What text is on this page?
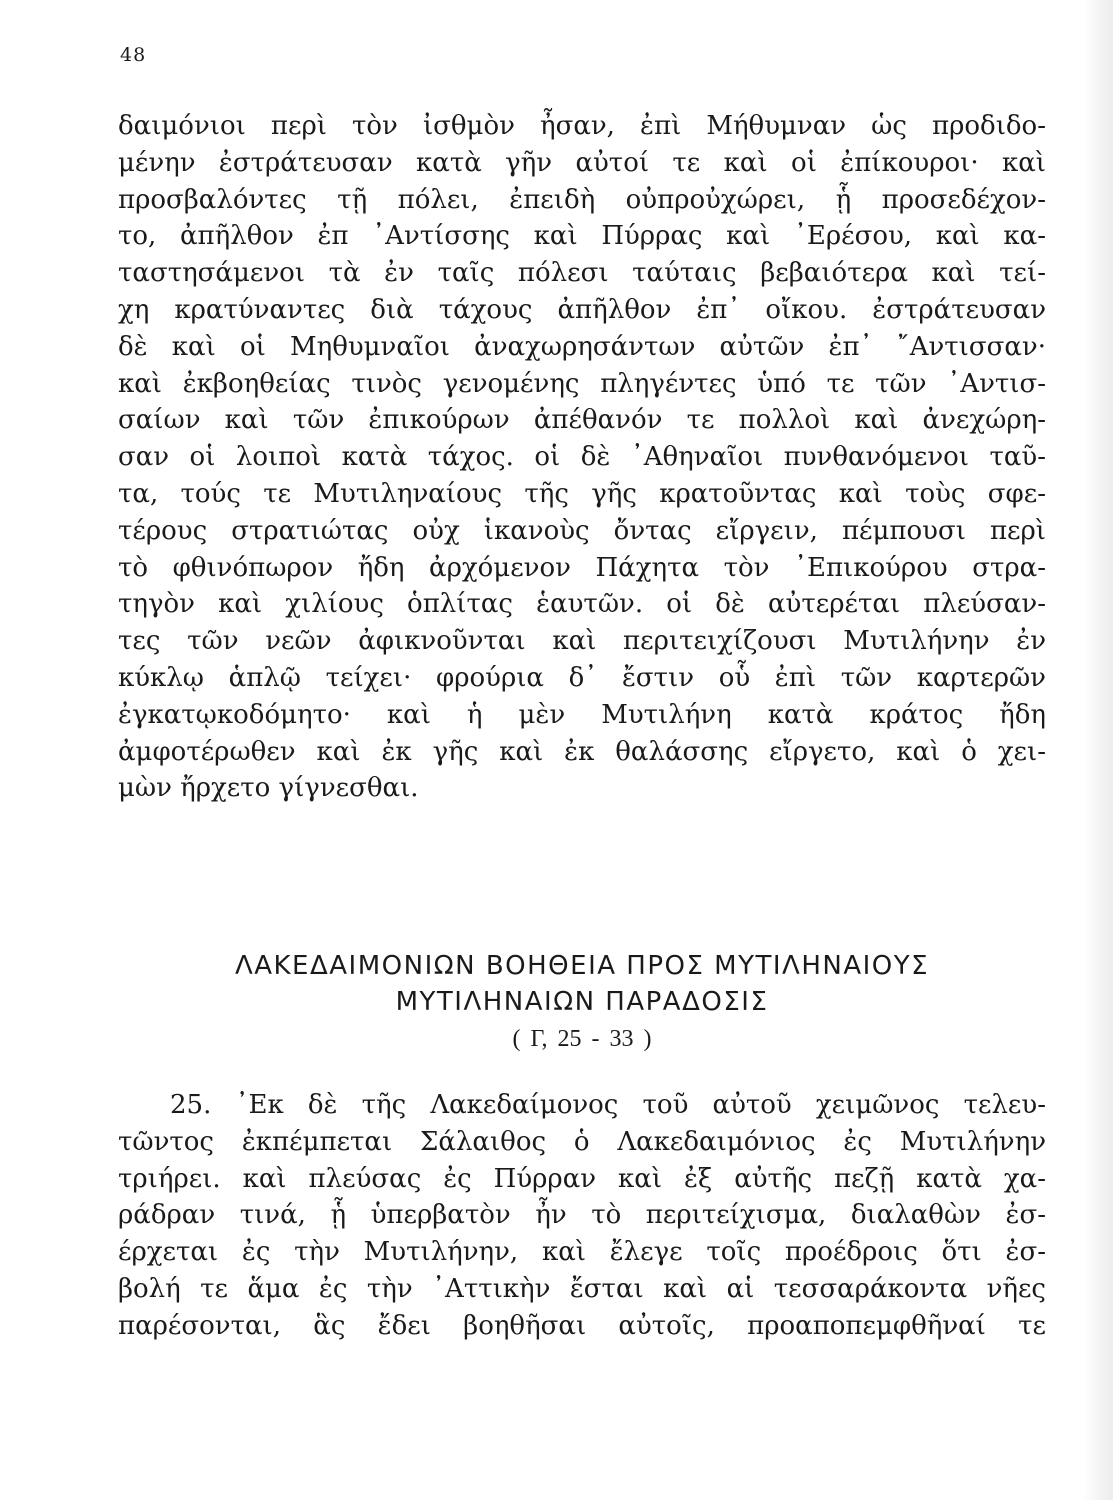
48
δαιμόνιοι περὶ τὸν ἰσθμὸν ἦσαν, ἐπὶ Μήθυμναν ὡς προδιδο-
μένην ἐστράτευσαν κατὰ γῆν αὐτοί τε καὶ οἱ ἐπίκουροι· καὶ
προσβαλόντες τῇ πόλει, ἐπειδὴ οὐπροὐχώρει, ᾗ προσεδέχον-
το, ἀπῆλθον ἐπ ᾿Αντίσσης καὶ Πύρρας καὶ ᾿Ερέσου, καὶ κα-
ταστησάμενοι τὰ ἐν ταῖς πόλεσι ταύταις βεβαιότερα καὶ τεί-
χη κρατύναντες διὰ τάχους ἀπῆλθον ἐπ᾿ οἴκου. ἐστράτευσαν
δὲ καὶ οἱ Μηθυμναῖοι ἀναχωρησάντων αὐτῶν ἐπ᾿ ῎Αντισσαν·
καὶ ἐκβοηθείας τινὸς γενομένης πληγέντες ὑπό τε τῶν ᾿Αντισ-
σαίων καὶ τῶν ἐπικούρων ἀπέθανόν τε πολλοὶ καὶ ἀνεχώρη-
σαν οἱ λοιποὶ κατὰ τάχος. οἱ δὲ ᾿Αθηναῖοι πυνθανόμενοι ταῦ-
τα, τούς τε Μυτιληναίους τῆς γῆς κρατοῦντας καὶ τοὺς σφε-
τέρους στρατιώτας οὐχ ἱκανοὺς ὄντας εἴργειν, πέμπουσι περὶ
τὸ φθινόπωρον ἤδη ἀρχόμενον Πάχητα τὸν ᾿Επικούρου στρα-
τηγὸν καὶ χιλίους ὁπλίτας ἑαυτῶν. οἱ δὲ αὐτερέται πλεύσαν-
τες τῶν νεῶν ἀφικνοῦνται καὶ περιτειχίζουσι Μυτιλήνην ἐν
κύκλῳ ἁπλῷ τείχει· φρούρια δ᾿ ἔστιν οὗ ἐπὶ τῶν καρτερῶν
ἐγκατῳκοδόμητο· καὶ ἡ μὲν Μυτιλήνη κατὰ κράτος ἤδη
ἀμφοτέρωθεν καὶ ἐκ γῆς καὶ ἐκ θαλάσσης εἴργετο, καὶ ὁ χει-
μὼν ἤρχετο γίγνεσθαι.
ΛΑΚΕΔΑΙΜΟΝΙΩΝ ΒΟΗΘΕΙΑ ΠΡΟΣ ΜΥΤΙΛΗΝΑΙΟΥΣ
ΜΥΤΙΛΗΝΑΙΩΝ ΠΑΡΑΔΟΣΙΣ
( Γ, 25 - 33 )
25. ᾿Εκ δὲ τῆς Λακεδαίμονος τοῦ αὐτοῦ χειμῶνος τελευ-
τῶντος ἐκπέμπεται Σάλαιθος ὁ Λακεδαιμόνιος ἐς Μυτιλήνην
τριήρει. καὶ πλεύσας ἐς Πύρραν καὶ ἐξ αὐτῆς πεζῇ κατὰ χα-
ράδραν τινά, ᾗ ὑπερβατὸν ἦν τὸ περιτείχισμα, διαλαθὼν ἐσ-
έρχεται ἐς τὴν Μυτιλήνην, καὶ ἔλεγε τοῖς προέδροις ὅτι ἐσ-
βολή τε ἅμα ἐς τὴν ᾿Αττικὴν ἔσται καὶ αἱ τεσσαράκοντα νῆες
παρέσονται, ἃς ἔδει βοηθῆσαι αὐτοῖς, προαποπεμφθῆναί τε
